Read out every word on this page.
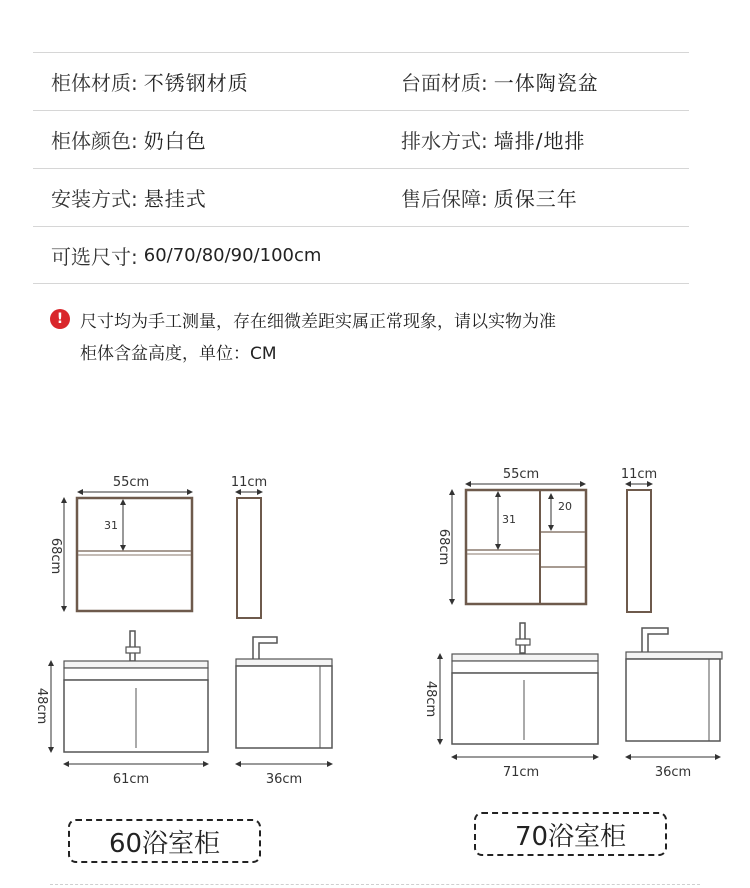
柜体材质: 不锈钢材质	台面材质: 一体陶瓷盆
柜体颜色: 奶白色	排水方式: 墙排/地排
安装方式: 悬挂式	售后保障: 质保三年
可选尺寸: 60/70/80/90/100cm
! 尺寸均为手工测量，存在细微差距实属正常现象，请以实物为准
柜体含盆高度，单位：CM
55cm
31
68cm
11cm
48cm
61cm	36cm
55cm
31
20
68cm
11cm
48cm
71cm	36cm
60浴室柜	70浴室柜
